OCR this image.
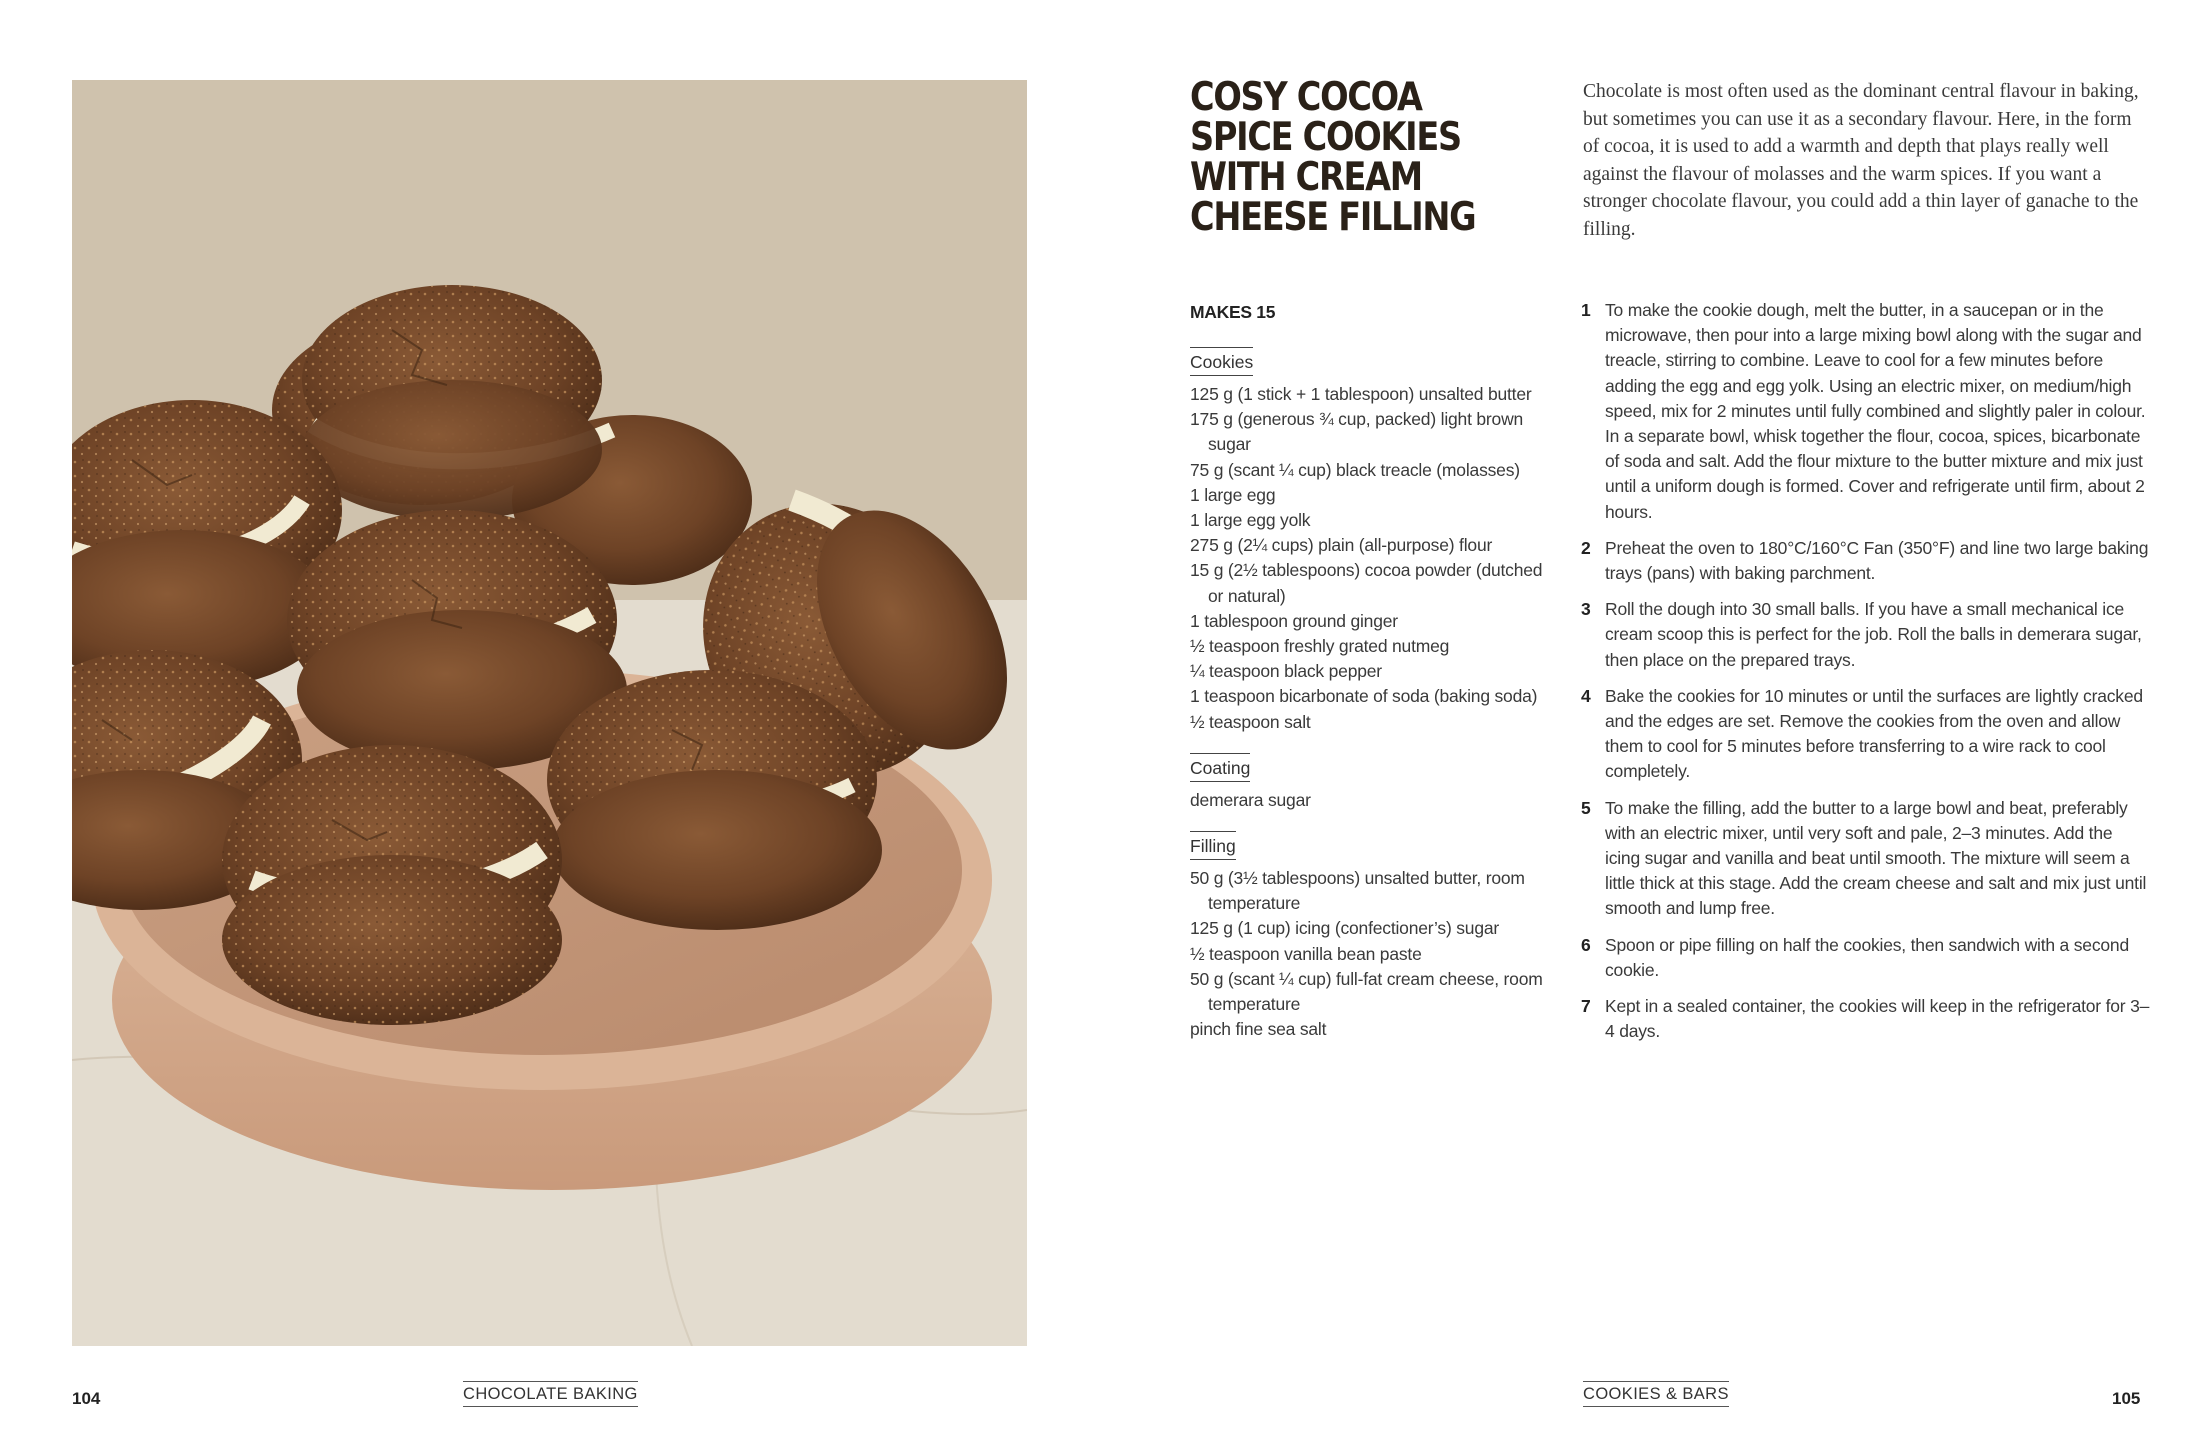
COSY COCOA SPICE COOKIES WITH CREAM CHEESE FILLING

Chocolate is most often used as the dominant central flavour in baking, but sometimes you can use it as a secondary flavour. Here, in the form of cocoa, it is used to add a warmth and depth that plays really well against the flavour of molasses and the warm spices. If you want a stronger chocolate flavour, you could add a thin layer of ganache to the filling.

MAKES 15

Cookies
125 g (1 stick + 1 tablespoon) unsalted butter
175 g (generous ¾ cup, packed) light brown sugar
75 g (scant ¼ cup) black treacle (molasses)
1 large egg
1 large egg yolk
275 g (2¼ cups) plain (all-purpose) flour
15 g (2½ tablespoons) cocoa powder (dutched or natural)
1 tablespoon ground ginger
½ teaspoon freshly grated nutmeg
¼ teaspoon black pepper
1 teaspoon bicarbonate of soda (baking soda)
½ teaspoon salt
Coating
demerara sugar
Filling
50 g (3½ tablespoons) unsalted butter, room temperature
125 g (1 cup) icing (confectioner’s) sugar
½ teaspoon vanilla bean paste
50 g (scant ¼ cup) full-fat cream cheese, room temperature
pinch fine sea salt
1 To make the cookie dough, melt the butter, in a saucepan or in the microwave, then pour into a large mixing bowl along with the sugar and treacle, stirring to combine. Leave to cool for a few minutes before adding the egg and egg yolk. Using an electric mixer, on medium/high speed, mix for 2 minutes until fully combined and slightly paler in colour. In a separate bowl, whisk together the flour, cocoa, spices, bicarbonate of soda and salt. Add the flour mixture to the butter mixture and mix just until a uniform dough is formed. Cover and refrigerate until firm, about 2 hours.
2 Preheat the oven to 180°C/160°C Fan (350°F) and line two large baking trays (pans) with baking parchment.
3 Roll the dough into 30 small balls. If you have a small mechanical ice cream scoop this is perfect for the job. Roll the balls in demerara sugar, then place on the prepared trays.
4 Bake the cookies for 10 minutes or until the surfaces are lightly cracked and the edges are set. Remove the cookies from the oven and allow them to cool for 5 minutes before transferring to a wire rack to cool completely.
5 To make the filling, add the butter to a large bowl and beat, preferably with an electric mixer, until very soft and pale, 2–3 minutes. Add the icing sugar and vanilla and beat until smooth. The mixture will seem a little thick at this stage. Add the cream cheese and salt and mix just until smooth and lump free.
6 Spoon or pipe filling on half the cookies, then sandwich with a second cookie.
7 Kept in a sealed container, the cookies will keep in the refrigerator for 3–4 days.
104	CHOCOLATE BAKING	COOKIES & BARS	105
